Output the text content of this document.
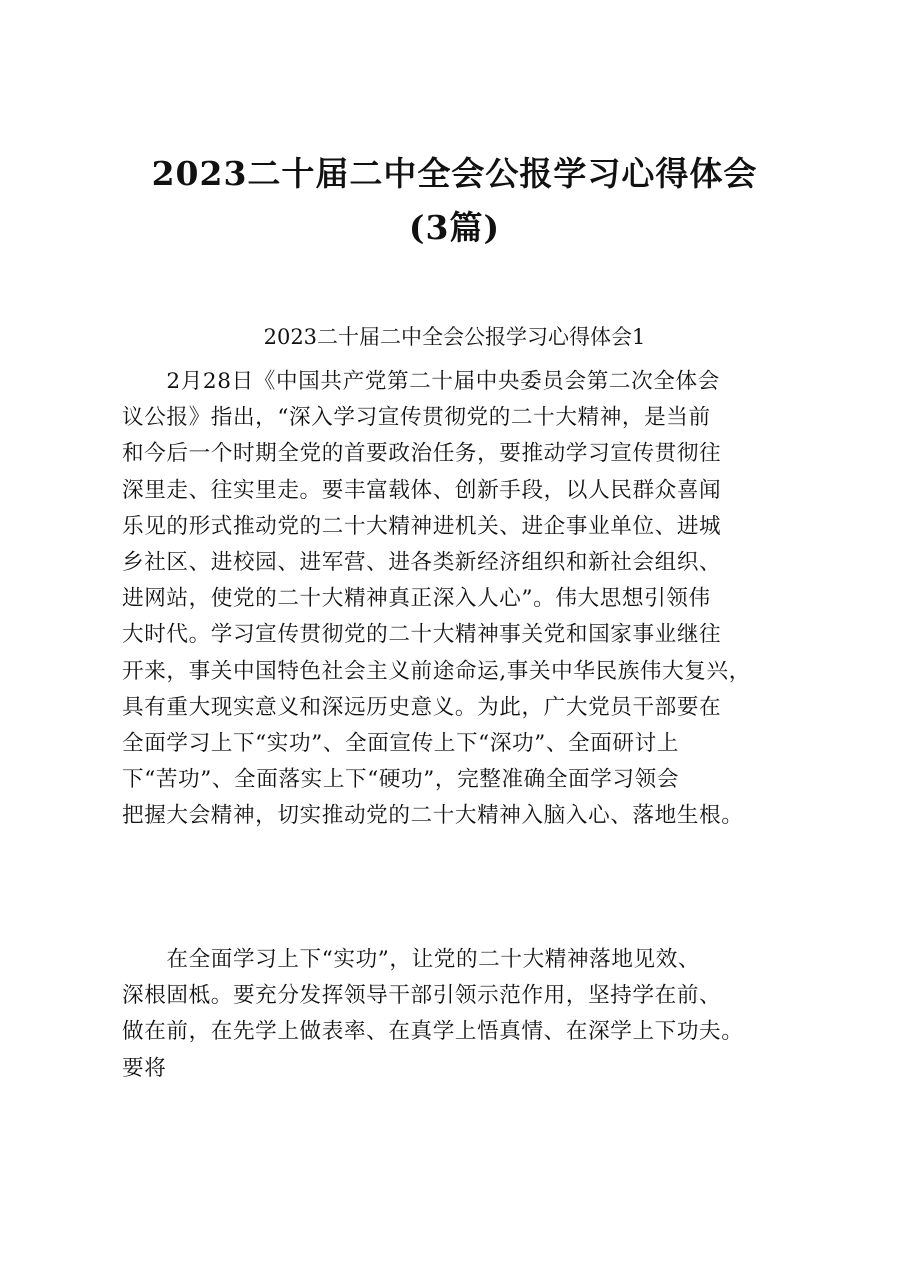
2023二十届二中全会公报学习心得体会
(3篇)
2023二十届二中全会公报学习心得体会1
　　2月28日《中国共产党第二十届中央委员会第二次全体会
议公报》指出，“深入学习宣传贯彻党的二十大精神，是当前
和今后一个时期全党的首要政治任务，要推动学习宣传贯彻往
深里走、往实里走。要丰富载体、创新手段，以人民群众喜闻
乐见的形式推动党的二十大精神进机关、进企事业单位、进城
乡社区、进校园、进军营、进各类新经济组织和新社会组织、
进网站，使党的二十大精神真正深入人心”。伟大思想引领伟
大时代。学习宣传贯彻党的二十大精神事关党和国家事业继往
开来，事关中国特色社会主义前途命运,事关中华民族伟大复兴，
具有重大现实意义和深远历史意义。为此，广大党员干部要在
全面学习上下“实功”、全面宣传上下“深功”、全面研讨上
下“苦功”、全面落实上下“硬功”，完整准确全面学习领会
把握大会精神，切实推动党的二十大精神入脑入心、落地生根。
　　在全面学习上下“实功”，让党的二十大精神落地见效、
深根固柢。要充分发挥领导干部引领示范作用，坚持学在前、
做在前，在先学上做表率、在真学上悟真情、在深学上下功夫。
要将
